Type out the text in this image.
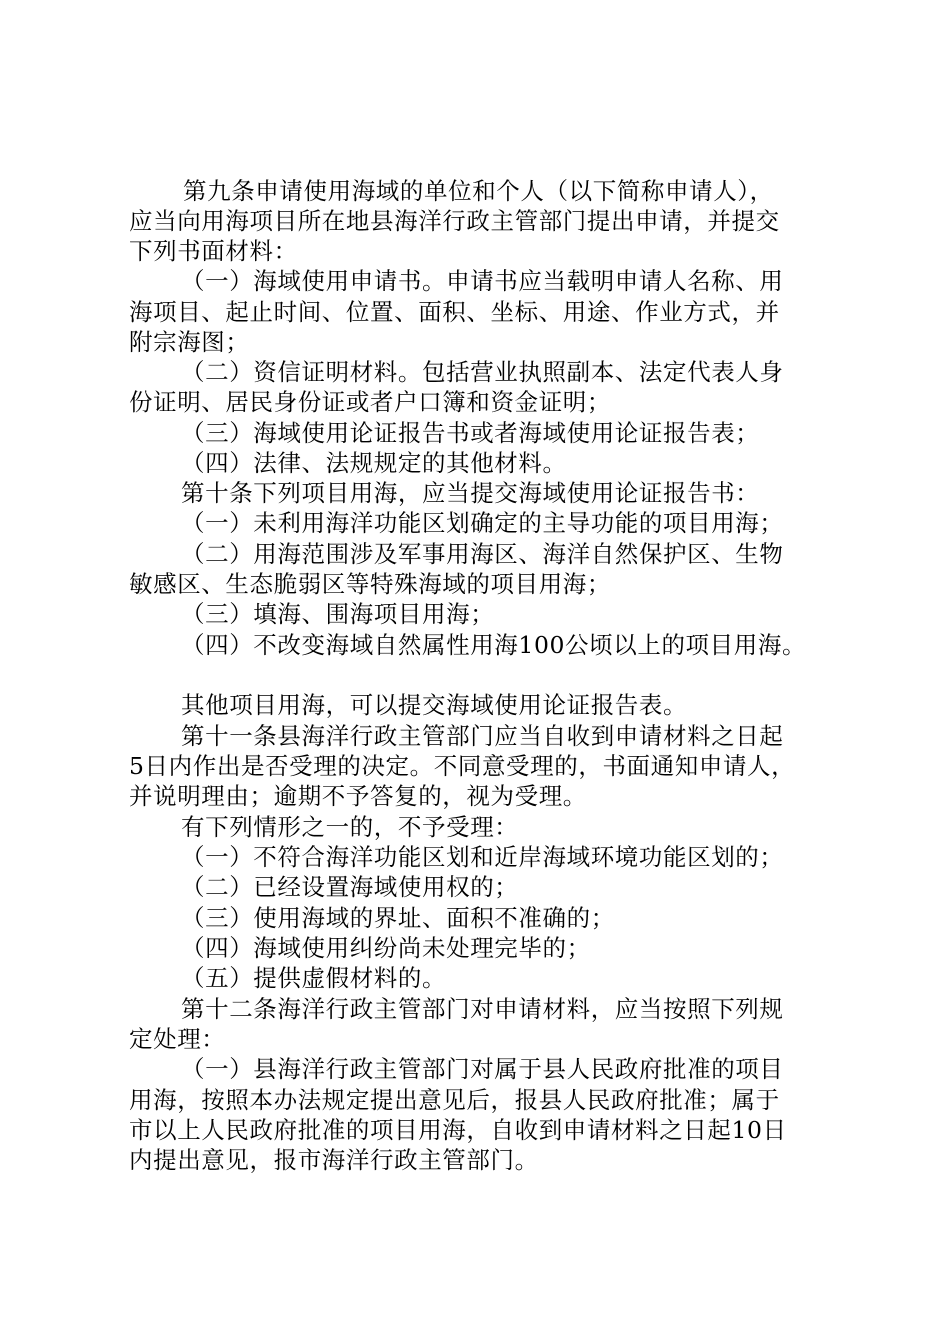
第九条申请使用海域的单位和个人（以下简称申请人），
应当向用海项目所在地县海洋行政主管部门提出申请，并提交
下列书面材料：
（一）海域使用申请书。申请书应当载明申请人名称、用
海项目、起止时间、位置、面积、坐标、用途、作业方式，并
附宗海图；
（二）资信证明材料。包括营业执照副本、法定代表人身
份证明、居民身份证或者户口簿和资金证明；
（三）海域使用论证报告书或者海域使用论证报告表；
（四）法律、法规规定的其他材料。
第十条下列项目用海，应当提交海域使用论证报告书：
（一）未利用海洋功能区划确定的主导功能的项目用海；
（二）用海范围涉及军事用海区、海洋自然保护区、生物
敏感区、生态脆弱区等特殊海域的项目用海；
（三）填海、围海项目用海；
（四）不改变海域自然属性用海100公顷以上的项目用海。
其他项目用海，可以提交海域使用论证报告表。
第十一条县海洋行政主管部门应当自收到申请材料之日起
5日内作出是否受理的决定。不同意受理的，书面通知申请人，
并说明理由；逾期不予答复的，视为受理。
有下列情形之一的，不予受理：
（一）不符合海洋功能区划和近岸海域环境功能区划的；
（二）已经设置海域使用权的；
（三）使用海域的界址、面积不准确的；
（四）海域使用纠纷尚未处理完毕的；
（五）提供虚假材料的。
第十二条海洋行政主管部门对申请材料，应当按照下列规
定处理：
（一）县海洋行政主管部门对属于县人民政府批准的项目
用海，按照本办法规定提出意见后，报县人民政府批准；属于
市以上人民政府批准的项目用海，自收到申请材料之日起10日
内提出意见，报市海洋行政主管部门。
